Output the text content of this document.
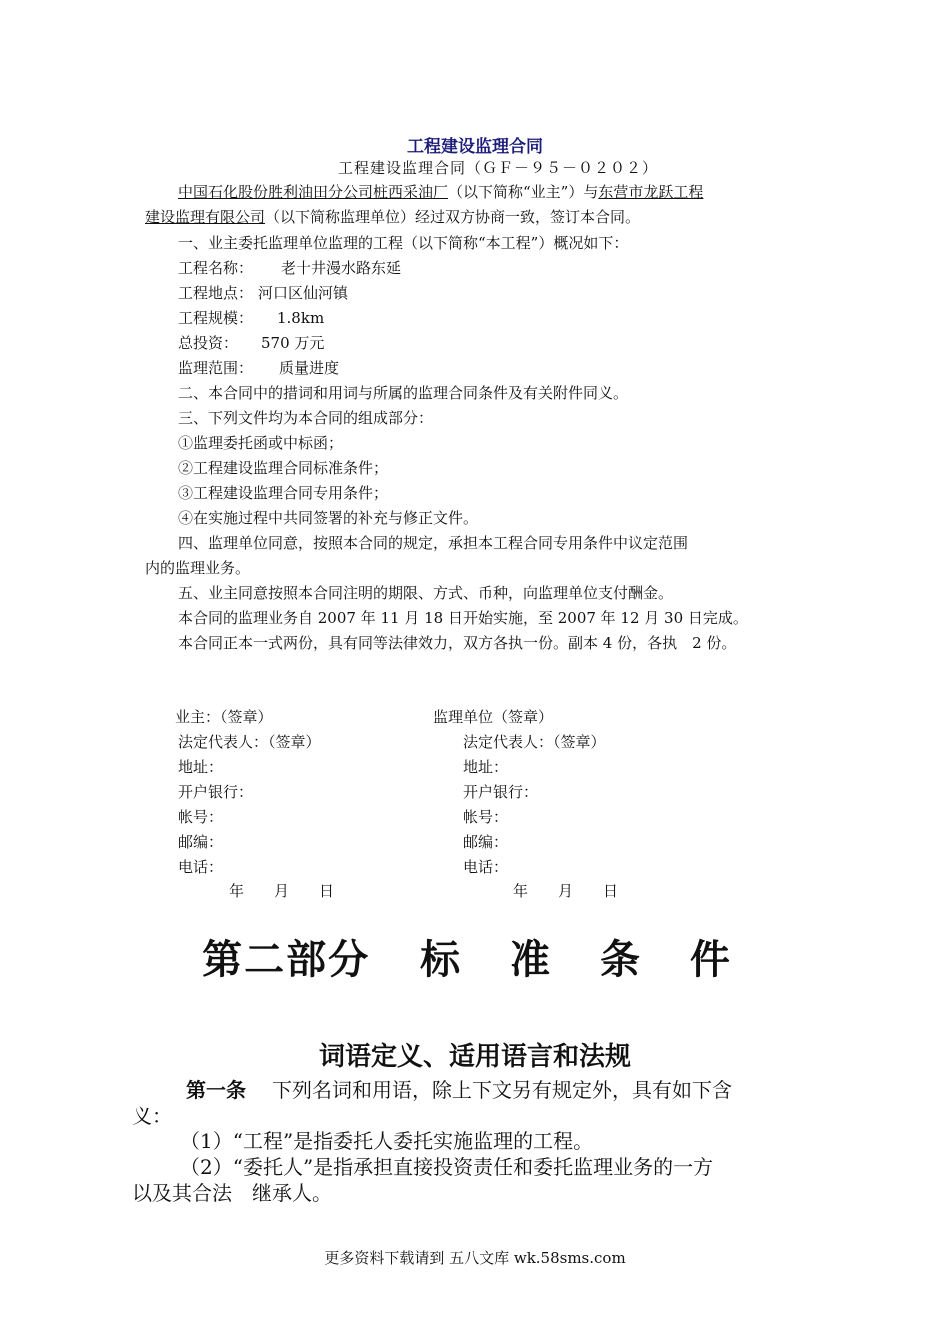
工程建设监理合同
工程建设监理合同（ＧＦ－９５－０２０２）
中国石化股份胜利油田分公司桩西采油厂（以下简称“业主”）与东营市龙跃工程
建设监理有限公司（以下简称监理单位）经过双方协商一致，签订本合同。
一、业主委托监理单位监理的工程（以下简称“本工程”）概况如下：
工程名称： 老十井漫水路东延
工程地点： 河口区仙河镇
工程规模： 1.8km
总投资： 570 万元
监理范围： 质量进度
二、本合同中的措词和用词与所属的监理合同条件及有关附件同义。
三、下列文件均为本合同的组成部分：
①监理委托函或中标函；
②工程建设监理合同标准条件；
③工程建设监理合同专用条件；
④在实施过程中共同签署的补充与修正文件。
四、监理单位同意，按照本合同的规定，承担本工程合同专用条件中议定范围
内的监理业务。
五、业主同意按照本合同注明的期限、方式、币种，向监理单位支付酬金。
本合同的监理业务自 2007 年 11 月 18 日开始实施，至 2007 年 12 月 30 日完成。
本合同正本一式两份，具有同等法律效力，双方各执一份。副本 4 份，各执　2 份。
业主：（签章）	监理单位（签章）
法定代表人：（签章）	法定代表人：（签章）
地址：	地址：
开户银行：	开户银行：
帐号：	帐号：
邮编：	邮编：
电话：	电话：
年　　月　　日	年　　月　　日
第二部分 标 准 条 件
词语定义、适用语言和法规
第一条 下列名词和用语，除上下文另有规定外，具有如下含
义：
（1）“工程”是指委托人委托实施监理的工程。
（2）“委托人”是指承担直接投资责任和委托监理业务的一方
以及其合法　继承人。
更多资料下载请到 五八文库 wk.58sms.com
